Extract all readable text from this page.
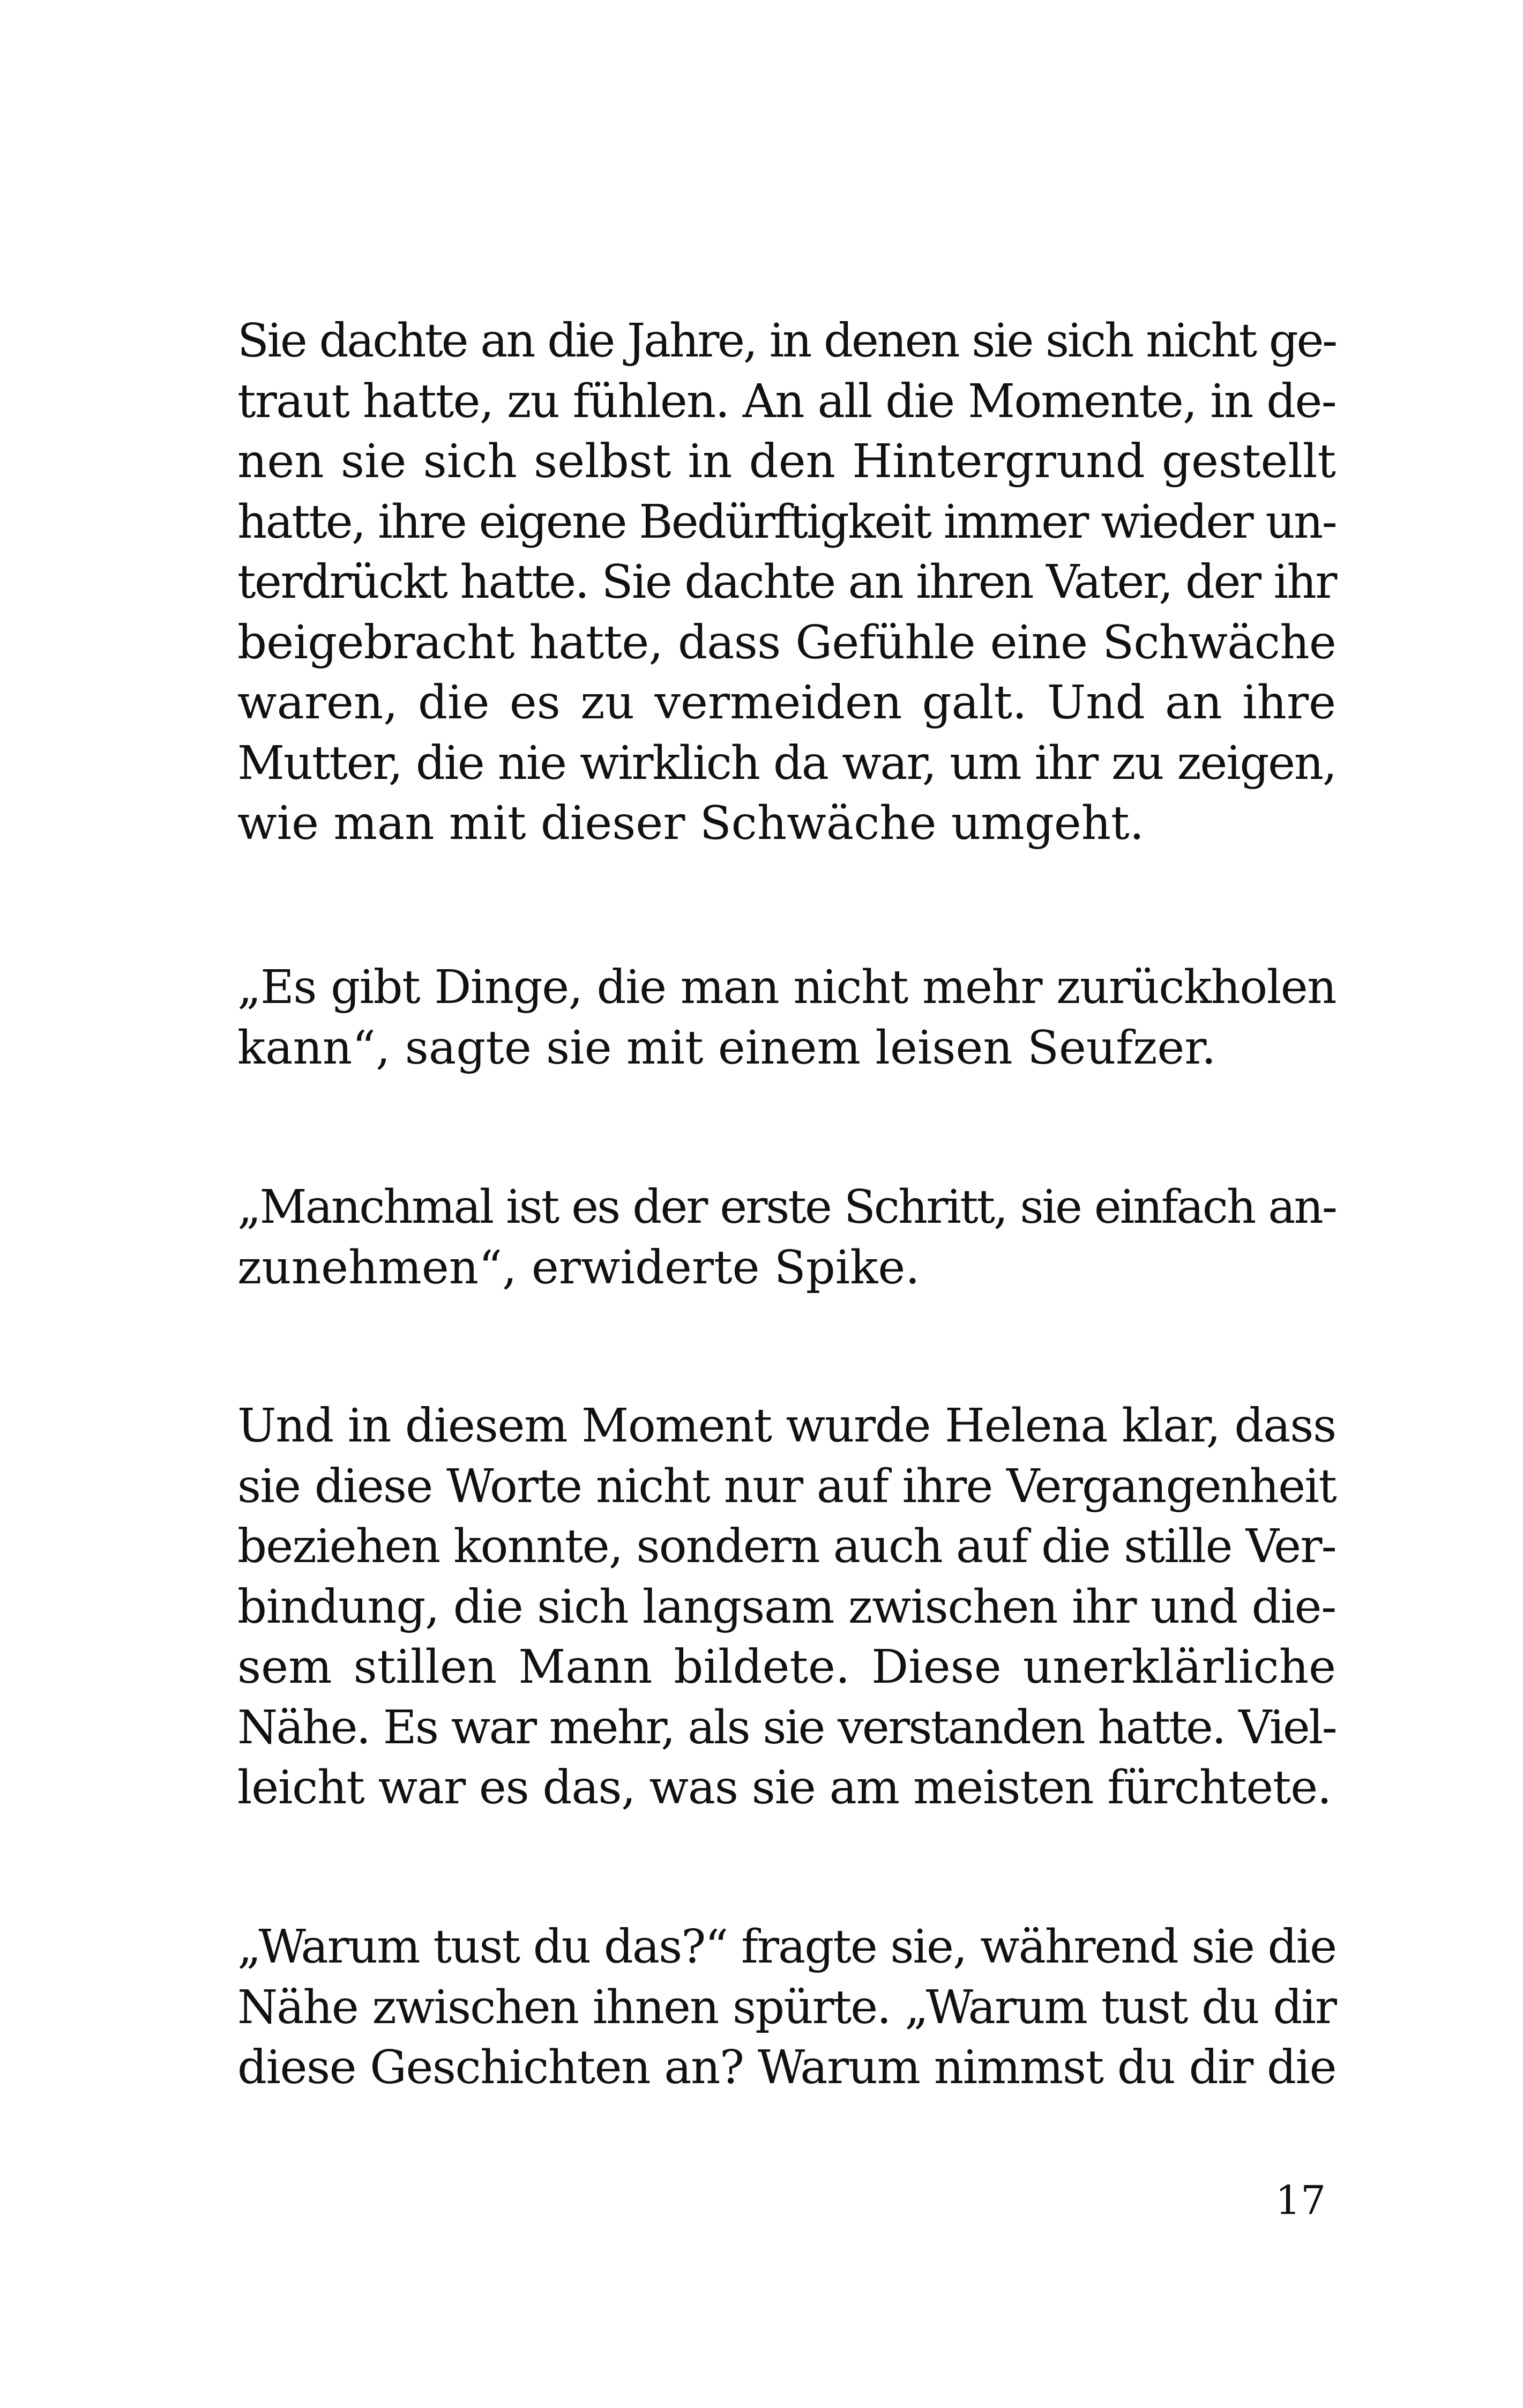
Sie dachte an die Jahre, in denen sie sich nicht ge-
traut hatte, zu fühlen. An all die Momente, in de-
nen sie sich selbst in den Hintergrund gestellt
hatte, ihre eigene Bedürftigkeit immer wieder un-
terdrückt hatte. Sie dachte an ihren Vater, der ihr
beigebracht hatte, dass Gefühle eine Schwäche
waren, die es zu vermeiden galt. Und an ihre
Mutter, die nie wirklich da war, um ihr zu zeigen,
wie man mit dieser Schwäche umgeht.
„Es gibt Dinge, die man nicht mehr zurückholen
kann“, sagte sie mit einem leisen Seufzer.
„Manchmal ist es der erste Schritt, sie einfach an-
zunehmen“, erwiderte Spike.
Und in diesem Moment wurde Helena klar, dass
sie diese Worte nicht nur auf ihre Vergangenheit
beziehen konnte, sondern auch auf die stille Ver-
bindung, die sich langsam zwischen ihr und die-
sem stillen Mann bildete. Diese unerklärliche
Nähe. Es war mehr, als sie verstanden hatte. Viel-
leicht war es das, was sie am meisten fürchtete.
„Warum tust du das?“ fragte sie, während sie die
Nähe zwischen ihnen spürte. „Warum tust du dir
diese Geschichten an? Warum nimmst du dir die
17
